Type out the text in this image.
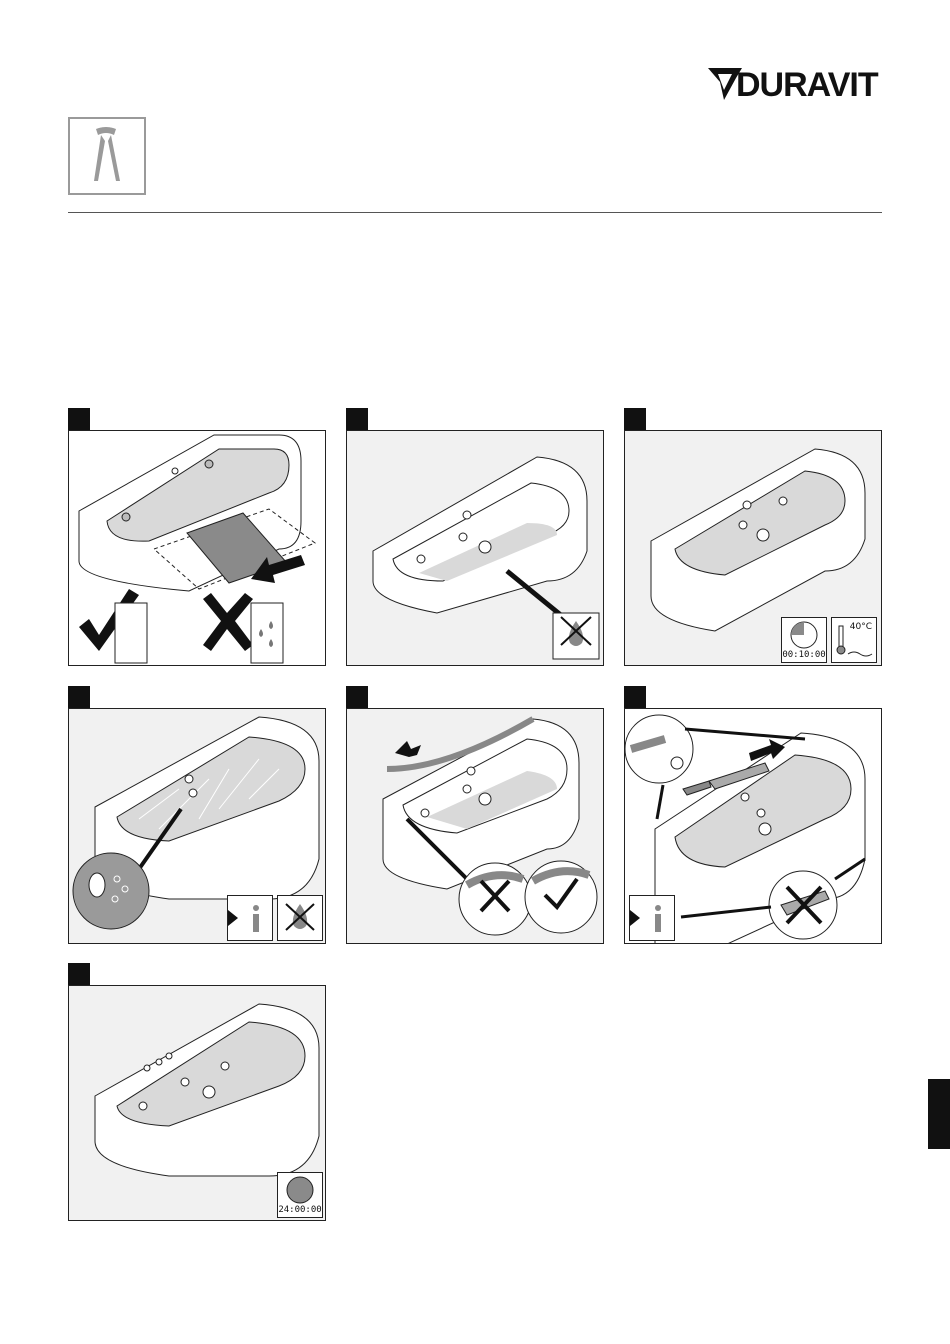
DURAVIT
00:10:00
40°C
24:00:00
